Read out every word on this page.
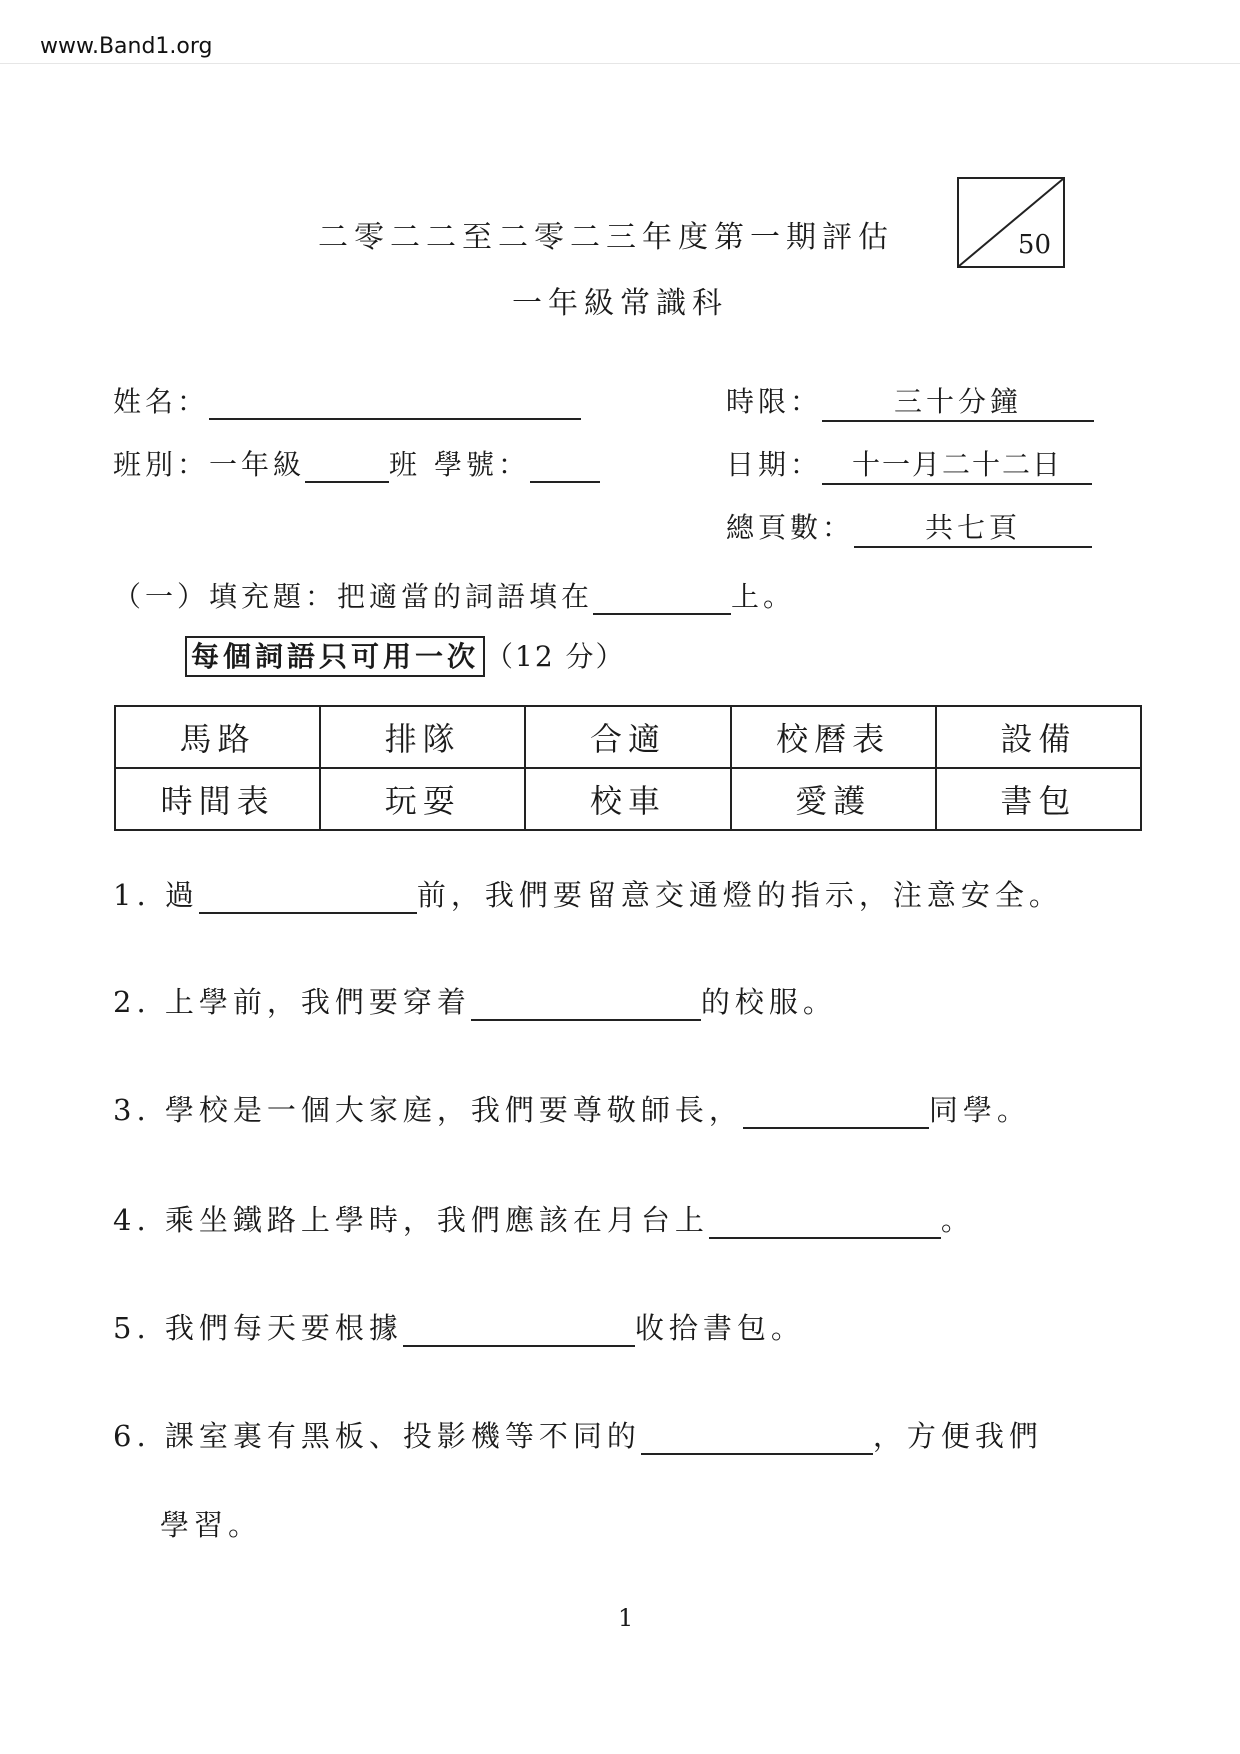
www.Band1.org
二零二二至二零二三年度第一期評估
一年級常識科
50
姓名：
班別：一年級	班 學號：
時限：	三十分鐘
日期： 十一月二十二日
總頁數：	共七頁
（一）填充題：把適當的詞語填在	上。
每個詞語只可用一次 （12 分）
馬路	排隊	合適	校曆表	設備
時間表	玩耍	校車	愛護	書包
1. 過	前，我們要留意交通燈的指示，注意安全。
2. 上學前，我們要穿着	的校服。
3. 學校是一個大家庭，我們要尊敬師長，	同學。
4. 乘坐鐵路上學時，我們應該在月台上	。
5. 我們每天要根據	收拾書包。
6. 課室裏有黑板、投影機等不同的	，方便我們
學習。
1
